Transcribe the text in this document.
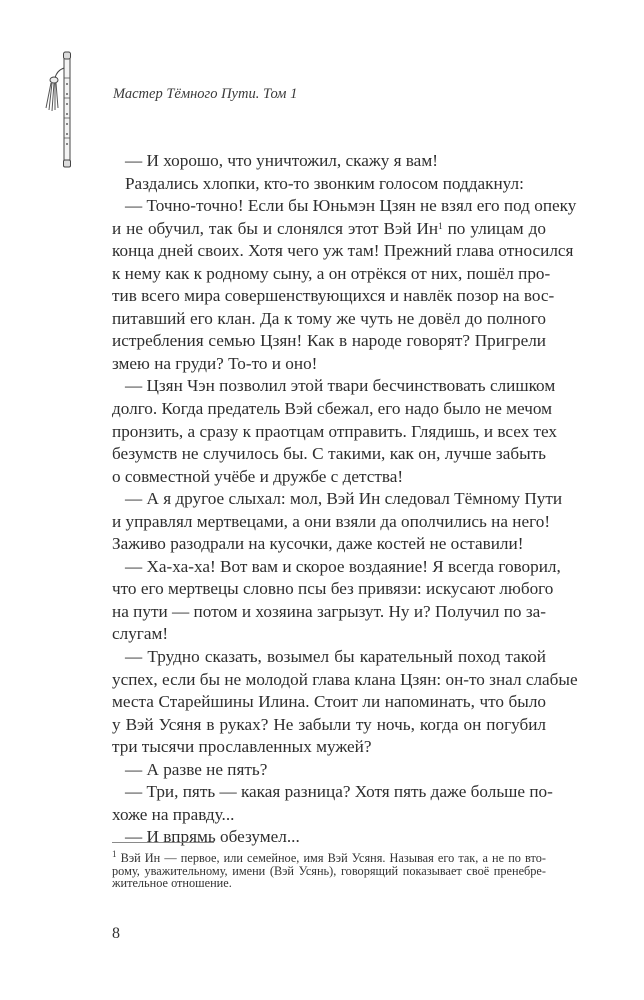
Мастер Тёмного Пути. Том 1
— И хорошо, что уничтожил, скажу я вам!
Раздались хлопки, кто-то звонким голосом поддакнул:
— Точно-точно! Если бы Юньмэн Цзян не взял его под опеку
и не обучил, так бы и слонялся этот Вэй Ин$^1$ по улицам до
конца дней своих. Хотя чего уж там! Прежний глава относился
к нему как к родному сыну, а он отрёкся от них, пошёл про-
тив всего мира совершенствующихся и навлёк позор на вос-
питавший его клан. Да к тому же чуть не довёл до полного
истребления семью Цзян! Как в народе говорят? Пригрели
змею на груди? То-то и оно!
— Цзян Чэн позволил этой твари бесчинствовать слишком
долго. Когда предатель Вэй сбежал, его надо было не мечом
пронзить, а сразу к праотцам отправить. Глядишь, и всех тех
безумств не случилось бы. С такими, как он, лучше забыть
о совместной учёбе и дружбе с детства!
— А я другое слыхал: мол, Вэй Ин следовал Тёмному Пути
и управлял мертвецами, а они взяли да ополчились на него!
Заживо разодрали на кусочки, даже костей не оставили!
— Ха-ха-ха! Вот вам и скорое воздаяние! Я всегда говорил,
что его мертвецы словно псы без привязи: искусают любого
на пути — потом и хозяина загрызут. Ну и? Получил по за-
слугам!
— Трудно сказать, возымел бы карательный поход такой
успех, если бы не молодой глава клана Цзян: он-то знал слабые
места Старейшины Илина. Стоит ли напоминать, что было
у Вэй Усяня в руках? Не забыли ту ночь, когда он погубил
три тысячи прославленных мужей?
— А разве не пять?
— Три, пять — какая разница? Хотя пять даже больше по-
хоже на правду...
— И впрямь обезумел...
$^1$ Вэй Ин — первое, или семейное, имя Вэй Усяня. Называя его так, а не по вто-
рому, уважительному, имени (Вэй Усянь), говорящий показывает своё пренебре-
жительное отношение.
8
